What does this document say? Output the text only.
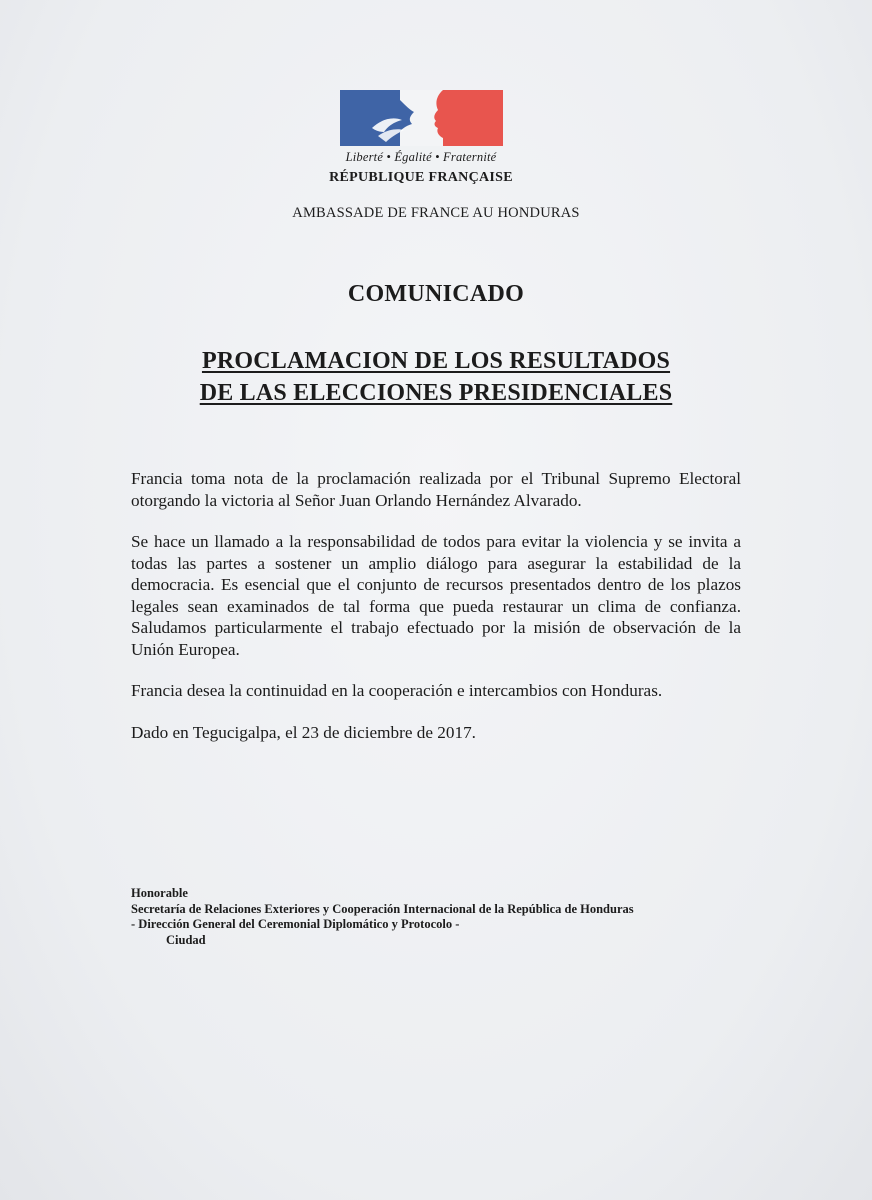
Liberté • Égalité • Fraternité
RÉPUBLIQUE FRANÇAISE
AMBASSADE DE FRANCE AU HONDURAS
COMUNICADO
PROCLAMACION DE LOS RESULTADOS
DE LAS ELECCIONES PRESIDENCIALES

Francia toma nota de la proclamación realizada por el Tribunal Supremo Electoral otorgando la victoria al Señor Juan Orlando Hernández Alvarado.

Se hace un llamado a la responsabilidad de todos para evitar la violencia y se invita a todas las partes a sostener un amplio diálogo para asegurar la estabilidad de la democracia. Es esencial que el conjunto de recursos presentados dentro de los plazos legales sean examinados de tal forma que pueda restaurar un clima de confianza. Saludamos particularmente el trabajo efectuado por la misión de observación de la Unión Europea.

Francia desea la continuidad en la cooperación e intercambios con Honduras.

Dado en Tegucigalpa, el 23 de diciembre de 2017.

Honorable
Secretaría de Relaciones Exteriores y Cooperación Internacional de la República de Honduras
- Dirección General del Ceremonial Diplomático y Protocolo -
Ciudad
